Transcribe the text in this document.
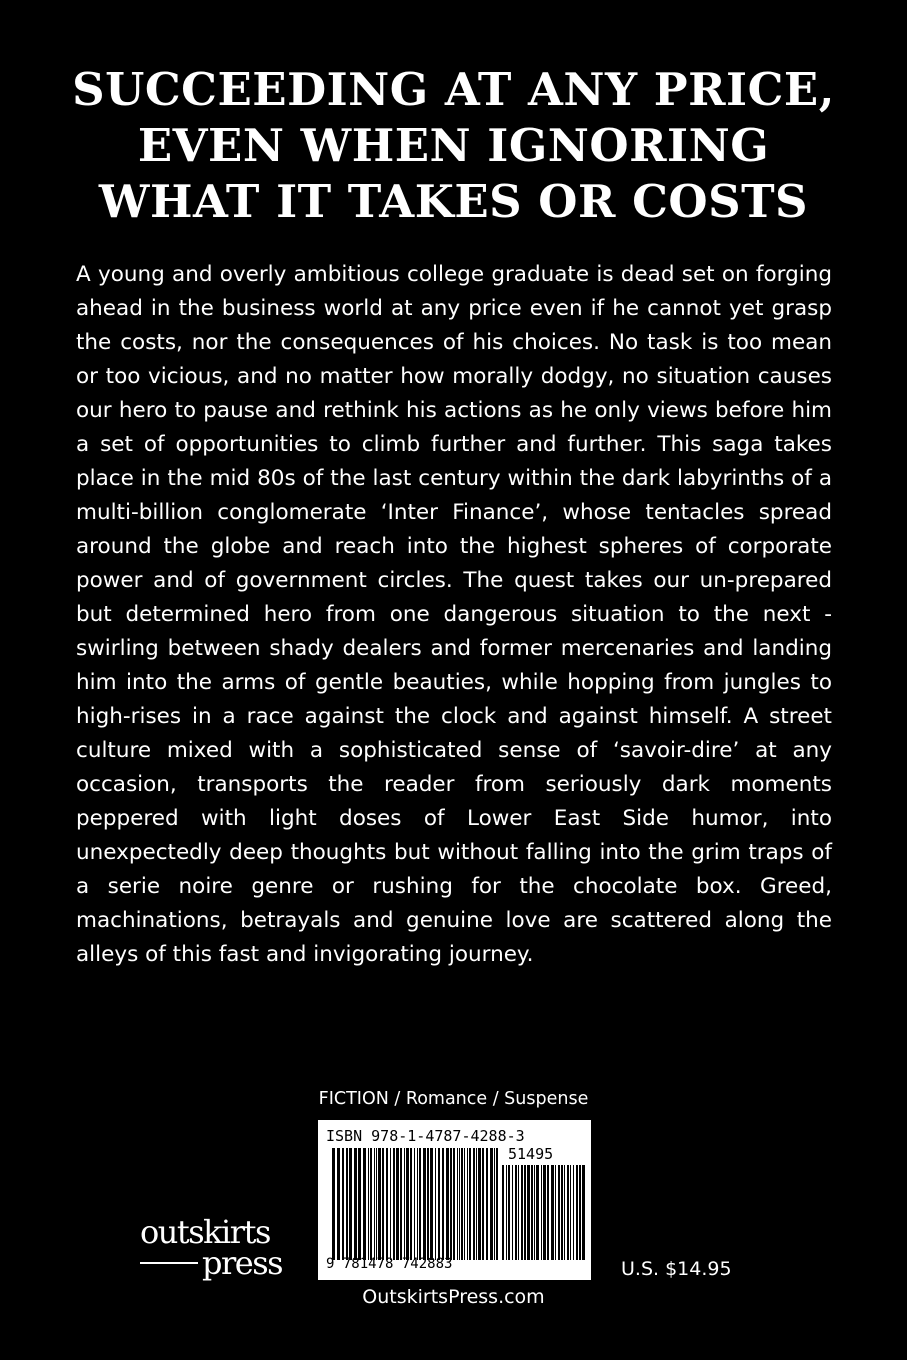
SUCCEEDING AT ANY PRICE,
EVEN WHEN IGNORING
WHAT IT TAKES OR COSTS
A young and overly ambitious college graduate is dead set on forging ahead in the business world at any price even if he cannot yet grasp the costs, nor the consequences of his choices. No task is too mean or too vicious, and no matter how morally dodgy, no situation causes our hero to pause and rethink his actions as he only views before him a set of opportunities to climb further and further. This saga takes place in the mid 80s of the last century within the dark labyrinths of a multi-billion conglomerate ‘Inter Finance’, whose tentacles spread around the globe and reach into the highest spheres of corporate power and of government circles. The quest takes our un-prepared but determined hero from one dangerous situation to the next - swirling between shady dealers and former mercenaries and landing him into the arms of gentle beauties, while hopping from jungles to high-rises in a race against the clock and against himself. A street culture mixed with a sophisticated sense of ‘savoir-dire’ at any occasion, transports the reader from seriously dark moments peppered with light doses of Lower East Side humor, into unexpectedly deep thoughts but without falling into the grim traps of a serie noire genre or rushing for the chocolate box. Greed, machinations, betrayals and genuine love are scattered along the alleys of this fast and invigorating journey.
FICTION / Romance / Suspense
ISBN 978-1-4787-4288-3
51495
9 781478 742883
outskirts
press	U.S. $14.95
OutskirtsPress.com
